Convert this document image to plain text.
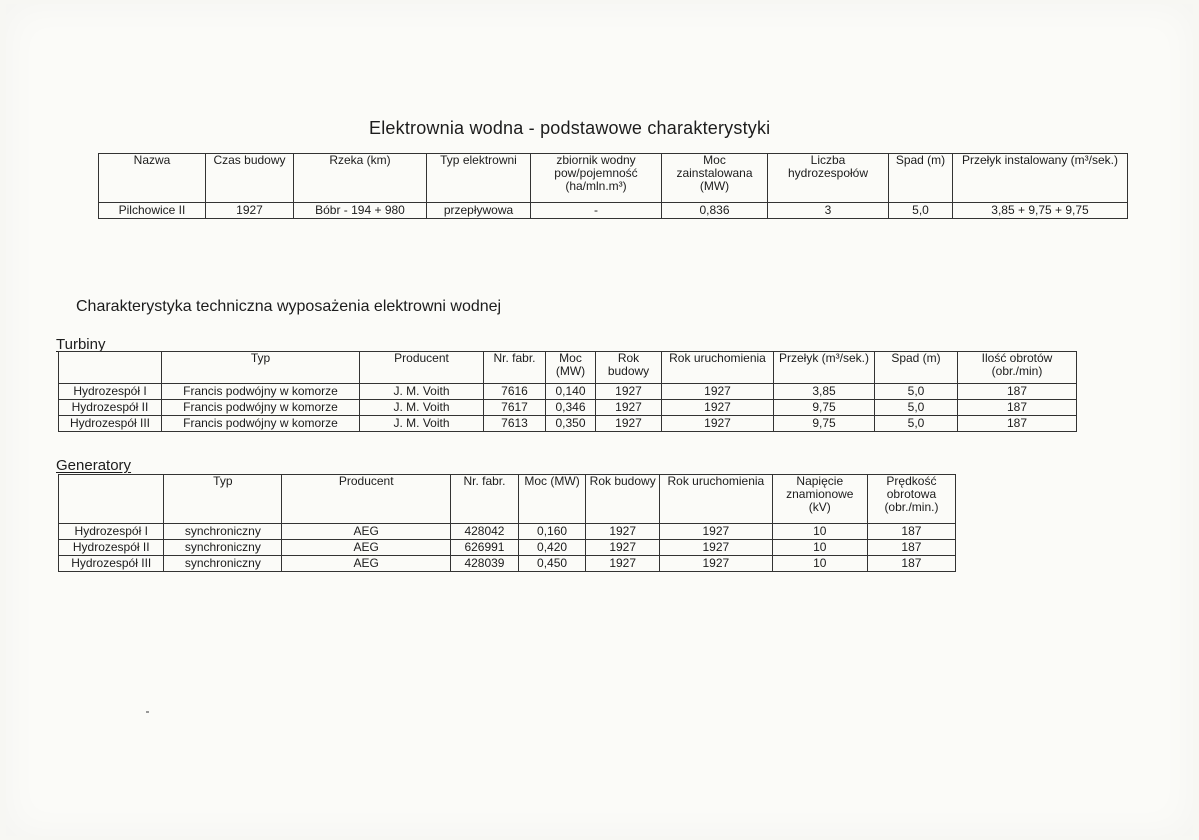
Elektrownia wodna - podstawowe charakterystyki
Nazwa	Czas budowy	Rzeka (km)	Typ elektrowni	zbiornik wodny pow/pojemność (ha/mln.m³)	Moc zainstalowana (MW)	Liczba hydrozespołów	Spad (m)	Przełyk instalowany (m³/sek.)
Pilchowice II	1927	Bóbr - 194 + 980	przepływowa	-	0,836	3	5,0	3,85 + 9,75 + 9,75
Charakterystyka techniczna wyposażenia elektrowni wodnej
Turbiny
	Typ	Producent	Nr. fabr.	Moc (MW)	Rok budowy	Rok uruchomienia	Przełyk (m³/sek.)	Spad (m)	Ilość obrotów (obr./min)
Hydrozespół I	Francis podwójny w komorze	J. M. Voith	7616	0,140	1927	1927	3,85	5,0	187
Hydrozespół II	Francis podwójny w komorze	J. M. Voith	7617	0,346	1927	1927	9,75	5,0	187
Hydrozespół III	Francis podwójny w komorze	J. M. Voith	7613	0,350	1927	1927	9,75	5,0	187
Generatory
	Typ	Producent	Nr. fabr.	Moc (MW)	Rok budowy	Rok uruchomienia	Napięcie znamionowe (kV)	Prędkość obrotowa (obr./min.)
Hydrozespół I	synchroniczny	AEG	428042	0,160	1927	1927	10	187
Hydrozespół II	synchroniczny	AEG	626991	0,420	1927	1927	10	187
Hydrozespół III	synchroniczny	AEG	428039	0,450	1927	1927	10	187
